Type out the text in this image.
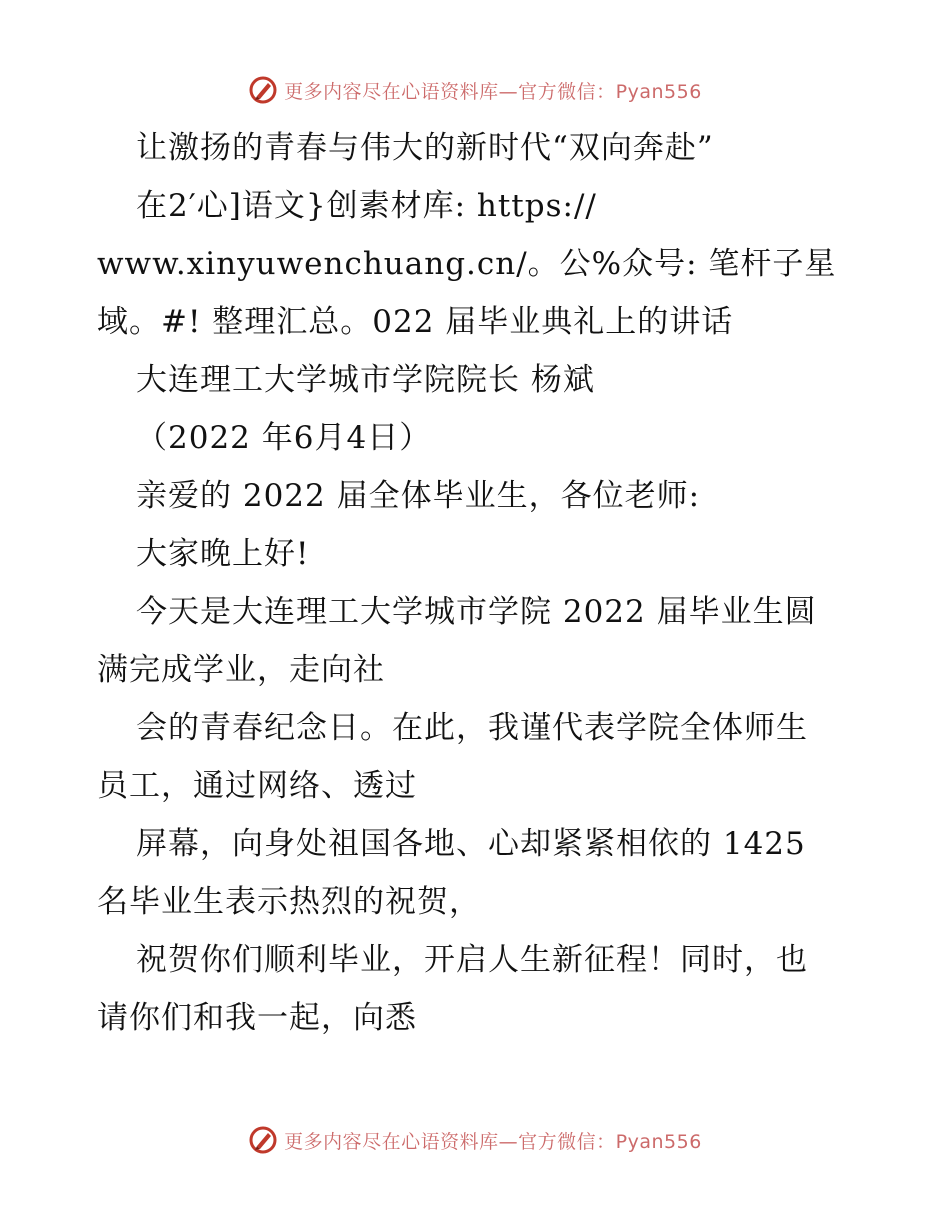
更多内容尽在心语资料库—官方微信：Pyan556
让激扬的青春与伟大的新时代“双向奔赴”
在2′心]语文}创素材库: https://
www.xinyuwenchuang.cn/。公%众号: 笔杆子星
域。#! 整理汇总。022 届毕业典礼上的讲话
大连理工大学城市学院院长 杨斌
（2022 年6月4日）
亲爱的 2022 届全体毕业生，各位老师:
大家晚上好!
今天是大连理工大学城市学院 2022 届毕业生圆
满完成学业，走向社
会的青春纪念日。在此，我谨代表学院全体师生
员工，通过网络、透过
屏幕，向身处祖国各地、心却紧紧相依的 1425
名毕业生表示热烈的祝贺，
祝贺你们顺利毕业，开启人生新征程！同时，也
请你们和我一起，向悉
更多内容尽在心语资料库—官方微信：Pyan556
